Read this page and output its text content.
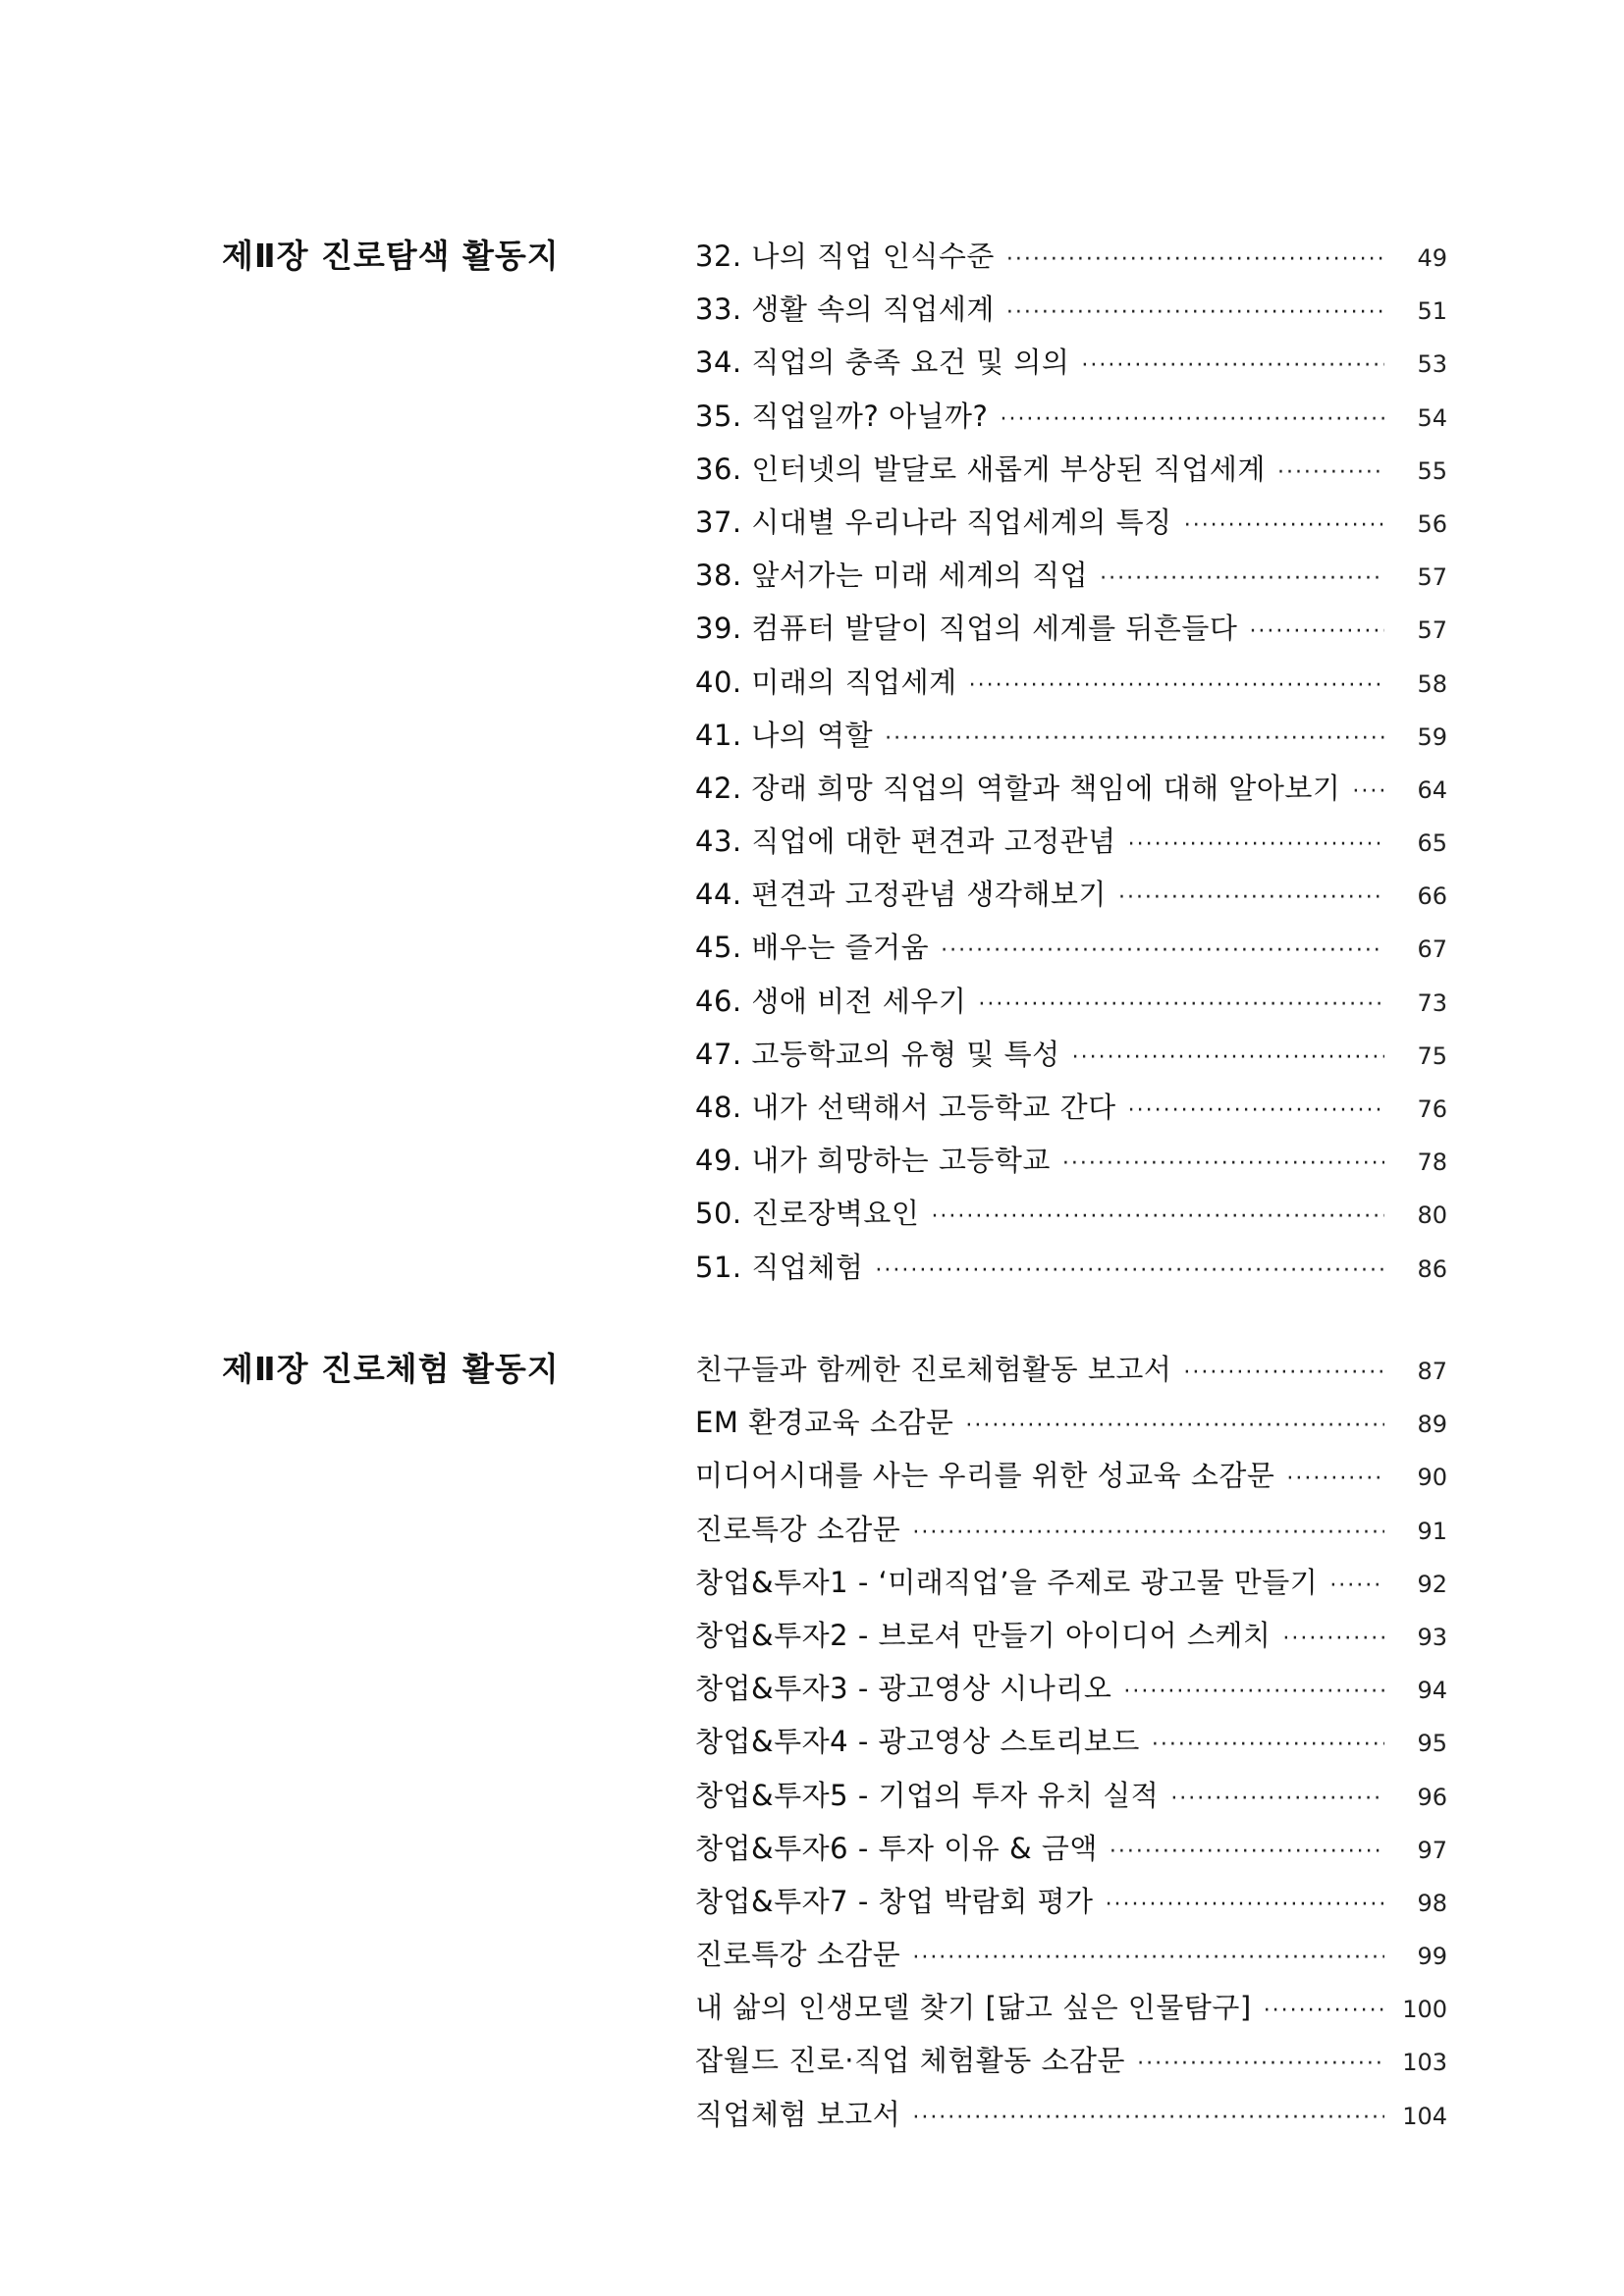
제Ⅱ장 진로탐색 활동지	32. 나의 직업 인식수준 ·····	49
33. 생활 속의 직업세계 ·····	51
34. 직업의 충족 요건 및 의의 ·····	53
35. 직업일까? 아닐까? ·····	54
36. 인터넷의 발달로 새롭게 부상된 직업세계 ·····	55
37. 시대별 우리나라 직업세계의 특징 ·····	56
38. 앞서가는 미래 세계의 직업 ·····	57
39. 컴퓨터 발달이 직업의 세계를 뒤흔들다 ·····	57
40. 미래의 직업세계 ·····	58
41. 나의 역할 ·····	59
42. 장래 희망 직업의 역할과 책임에 대해 알아보기 ·····	64
43. 직업에 대한 편견과 고정관념 ·····	65
44. 편견과 고정관념 생각해보기 ·····	66
45. 배우는 즐거움 ·····	67
46. 생애 비전 세우기 ·····	73
47. 고등학교의 유형 및 특성 ·····	75
48. 내가 선택해서 고등학교 간다 ·····	76
49. 내가 희망하는 고등학교 ·····	78
50. 진로장벽요인 ·····	80
51. 직업체험 ·····	86
제Ⅱ장 진로체험 활동지	친구들과 함께한 진로체험활동 보고서 ·····	87
EM 환경교육 소감문 ·····	89
미디어시대를 사는 우리를 위한 성교육 소감문 ·····	90
진로특강 소감문 ·····	91
창업&투자1 - ‘미래직업’을 주제로 광고물 만들기 ·····	92
창업&투자2 - 브로셔 만들기 아이디어 스케치 ·····	93
창업&투자3 - 광고영상 시나리오 ·····	94
창업&투자4 - 광고영상 스토리보드 ·····	95
창업&투자5 - 기업의 투자 유치 실적 ·····	96
창업&투자6 - 투자 이유 & 금액 ·····	97
창업&투자7 - 창업 박람회 평가 ·····	98
진로특강 소감문 ·····	99
내 삶의 인생모델 찾기 [닮고 싶은 인물탐구] ·····	100
잡월드 진로·직업 체험활동 소감문 ·····	103
직업체험 보고서 ·····	104
